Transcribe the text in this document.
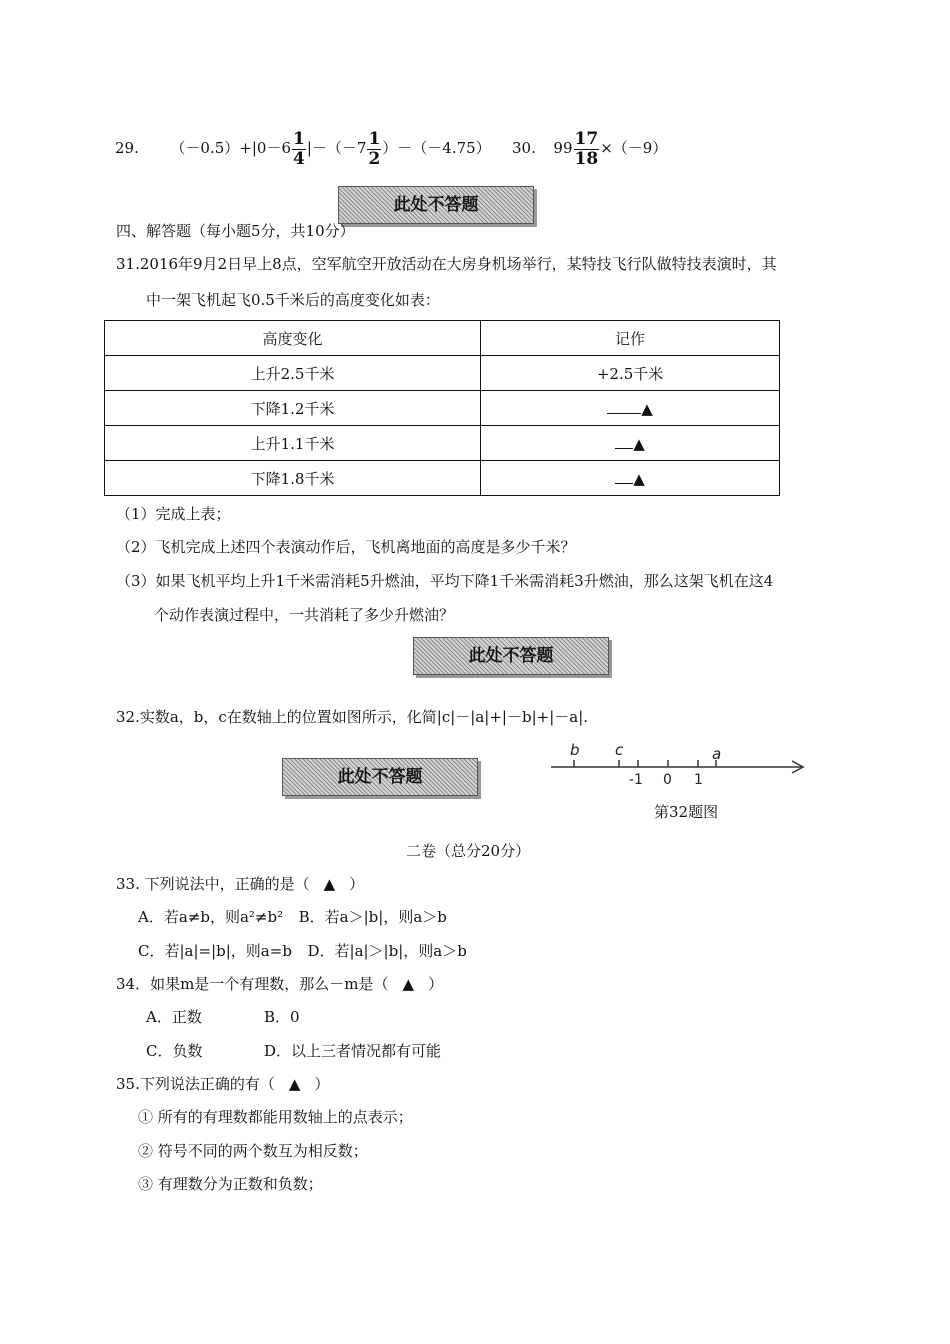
29. $(-0.5)+|0-6 \frac{1}{4} |-(-7 \frac{1}{2} )-(-4.75)$ 30. $99 \frac{17}{18} \times(-9)$
此处不答题
四、解答题（每小题5分，共10分）
31.2016年9月2日早上8点，空军航空开放活动在大房身机场举行，某特技飞行队做特技表演时，其
中一架飞机起飞0.5千米后的高度变化如表：
高度变化	记作
上升2.5千米	+2.5千米
下降1.2千米	▲
上升1.1千米	▲
下降1.8千米	▲
（1）完成上表；
（2）飞机完成上述四个表演动作后，飞机离地面的高度是多少千米？
（3）如果飞机平均上升1千米需消耗5升燃油，平均下降1千米需消耗3升燃油，那么这架飞机在这4
个动作表演过程中，一共消耗了多少升燃油？
此处不答题
32.实数a，b，c在数轴上的位置如图所示，化简|c|－|a|+|－b|+|－a|.
此处不答题
b c	a
-1 0 1
第32题图
二卷（总分20分）
33. 下列说法中，正确的是（ ▲ ）
A．若a≠b，则a²≠b² B．若a＞|b|，则a＞b
C．若|a|=|b|，则a=b D．若|a|＞|b|，则a＞b
34．如果m是一个有理数，那么－m是（ ▲ ）
A．正数	B．0
C．负数	D．以上三者情况都有可能
35.下列说法正确的有（ ▲ ）
① 所有的有理数都能用数轴上的点表示；
② 符号不同的两个数互为相反数；
③ 有理数分为正数和负数；
